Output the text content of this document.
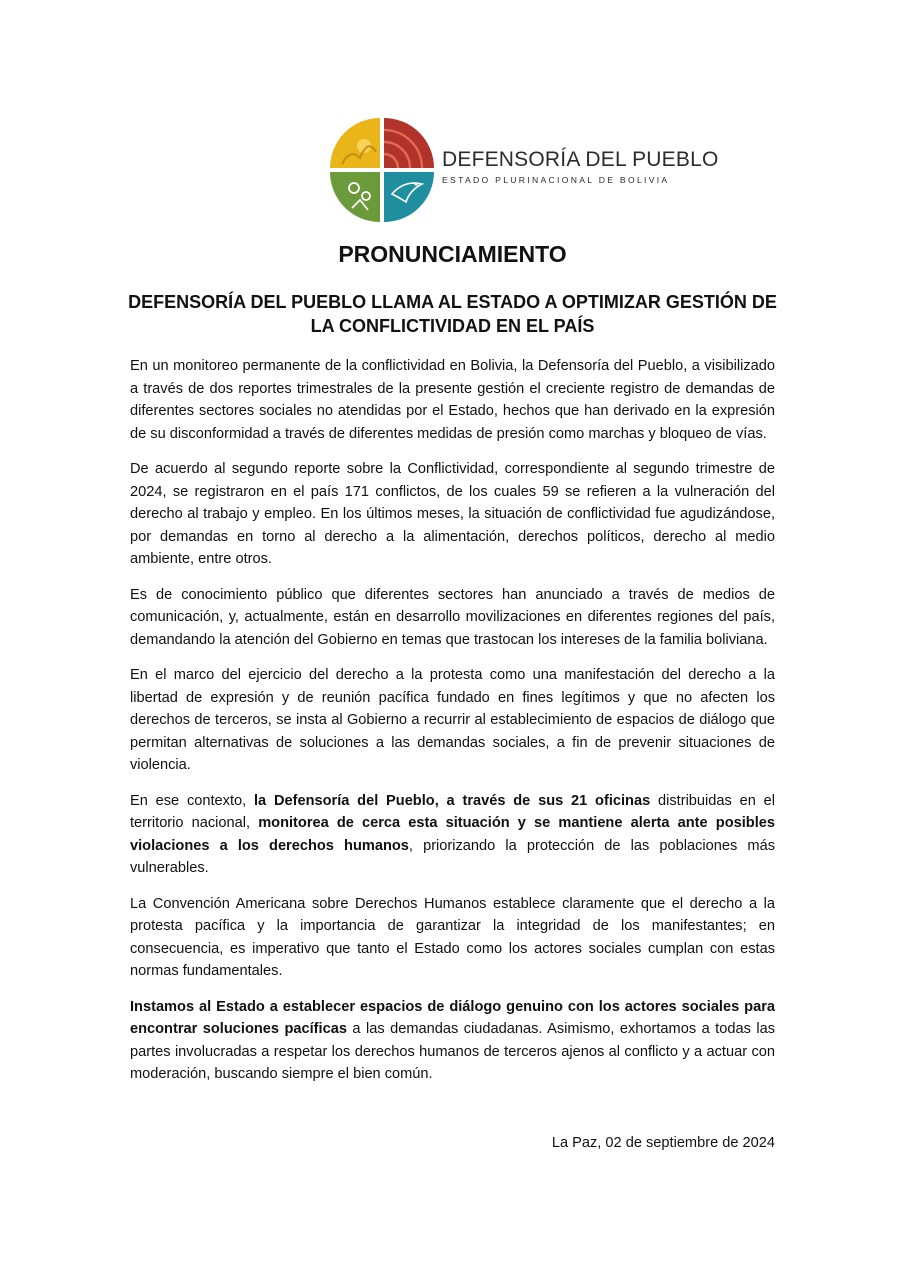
DEFENSORÍA DEL PUEBLO
ESTADO PLURINACIONAL DE BOLIVIA
PRONUNCIAMIENTO
DEFENSORÍA DEL PUEBLO LLAMA AL ESTADO A OPTIMIZAR GESTIÓN DE
LA CONFLICTIVIDAD EN EL PAÍS

En un monitoreo permanente de la conflictividad en Bolivia, la Defensoría del Pueblo, a visibilizado a través de dos reportes trimestrales de la presente gestión el creciente registro de demandas de diferentes sectores sociales no atendidas por el Estado, hechos que han derivado en la expresión de su disconformidad a través de diferentes medidas de presión como marchas y bloqueo de vías.

De acuerdo al segundo reporte sobre la Conflictividad, correspondiente al segundo trimestre de 2024, se registraron en el país 171 conflictos, de los cuales 59 se refieren a la vulneración del derecho al trabajo y empleo. En los últimos meses, la situación de conflictividad fue agudizándose, por demandas en torno al derecho a la alimentación, derechos políticos, derecho al medio ambiente, entre otros.

Es de conocimiento público que diferentes sectores han anunciado a través de medios de comunicación, y, actualmente, están en desarrollo movilizaciones en diferentes regiones del país, demandando la atención del Gobierno en temas que trastocan los intereses de la familia boliviana.

En el marco del ejercicio del derecho a la protesta como una manifestación del derecho a la libertad de expresión y de reunión pacífica fundado en fines legítimos y que no afecten los derechos de terceros, se insta al Gobierno a recurrir al establecimiento de espacios de diálogo que permitan alternativas de soluciones a las demandas sociales, a fin de prevenir situaciones de violencia.

En ese contexto, la Defensoría del Pueblo, a través de sus 21 oficinas distribuidas en el territorio nacional, monitorea de cerca esta situación y se mantiene alerta ante posibles violaciones a los derechos humanos, priorizando la protección de las poblaciones más vulnerables.

La Convención Americana sobre Derechos Humanos establece claramente que el derecho a la protesta pacífica y la importancia de garantizar la integridad de los manifestantes; en consecuencia, es imperativo que tanto el Estado como los actores sociales cumplan con estas normas fundamentales.

Instamos al Estado a establecer espacios de diálogo genuino con los actores sociales para encontrar soluciones pacíficas a las demandas ciudadanas. Asimismo, exhortamos a todas las partes involucradas a respetar los derechos humanos de terceros ajenos al conflicto y a actuar con moderación, buscando siempre el bien común.

La Paz, 02 de septiembre de 2024
